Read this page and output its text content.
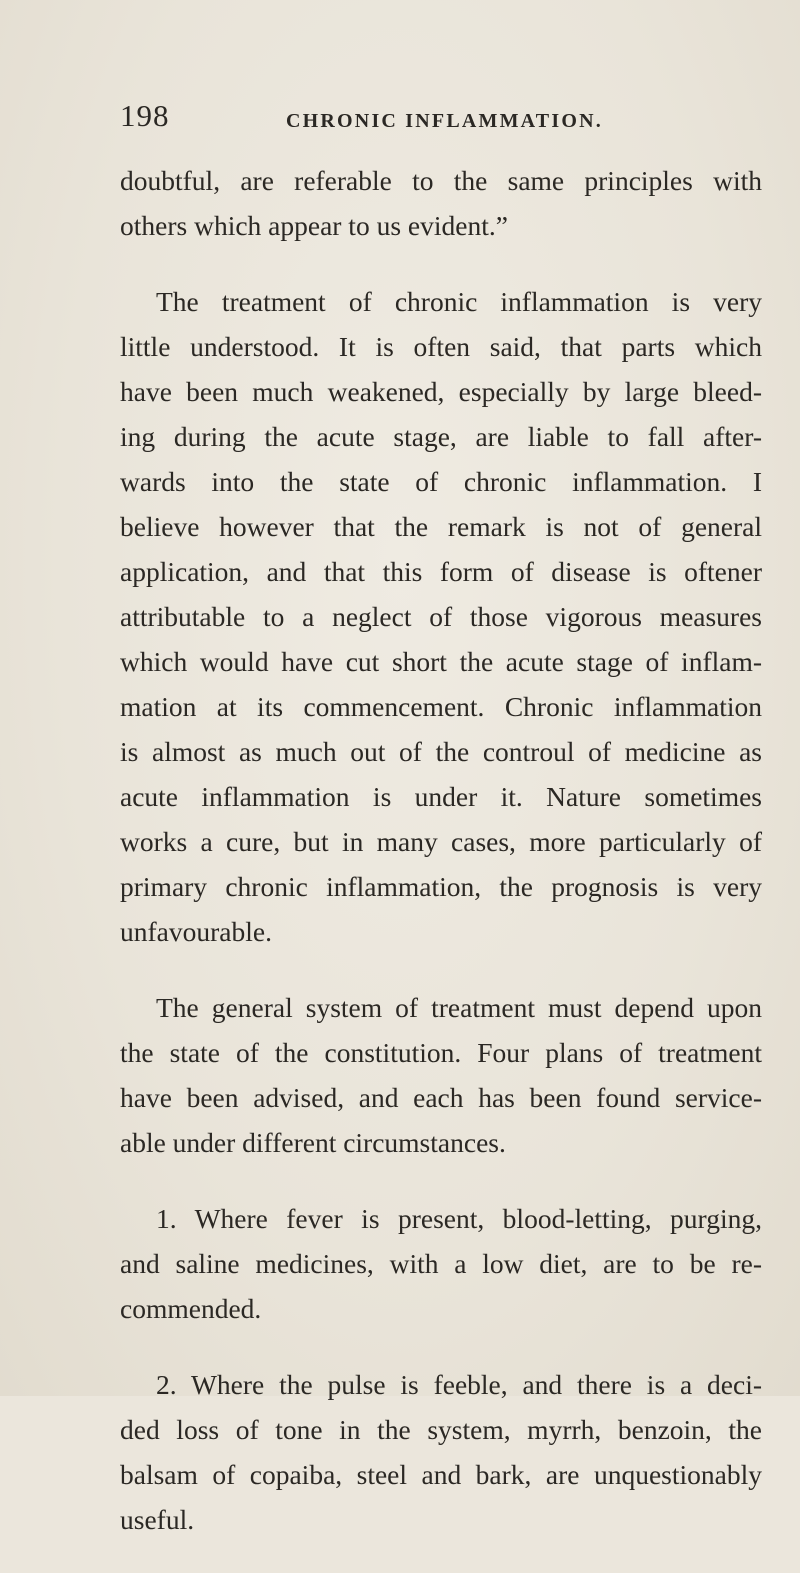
198	CHRONIC INFLAMMATION.

doubtful, are referable to the same principles with
others which appear to us evident.”

The treatment of chronic inflammation is very
little understood. It is often said, that parts which
have been much weakened, especially by large bleed-
ing during the acute stage, are liable to fall after-
wards into the state of chronic inflammation. I
believe however that the remark is not of general
application, and that this form of disease is oftener
attributable to a neglect of those vigorous measures
which would have cut short the acute stage of inflam-
mation at its commencement. Chronic inflammation
is almost as much out of the controul of medicine as
acute inflammation is under it. Nature sometimes
works a cure, but in many cases, more particularly of
primary chronic inflammation, the prognosis is very
unfavourable.

The general system of treatment must depend upon
the state of the constitution. Four plans of treatment
have been advised, and each has been found service-
able under different circumstances.

1. Where fever is present, blood-letting, purging,
and saline medicines, with a low diet, are to be re-
commended.

2. Where the pulse is feeble, and there is a deci-
ded loss of tone in the system, myrrh, benzoin, the
balsam of copaiba, steel and bark, are unquestionably
useful.
